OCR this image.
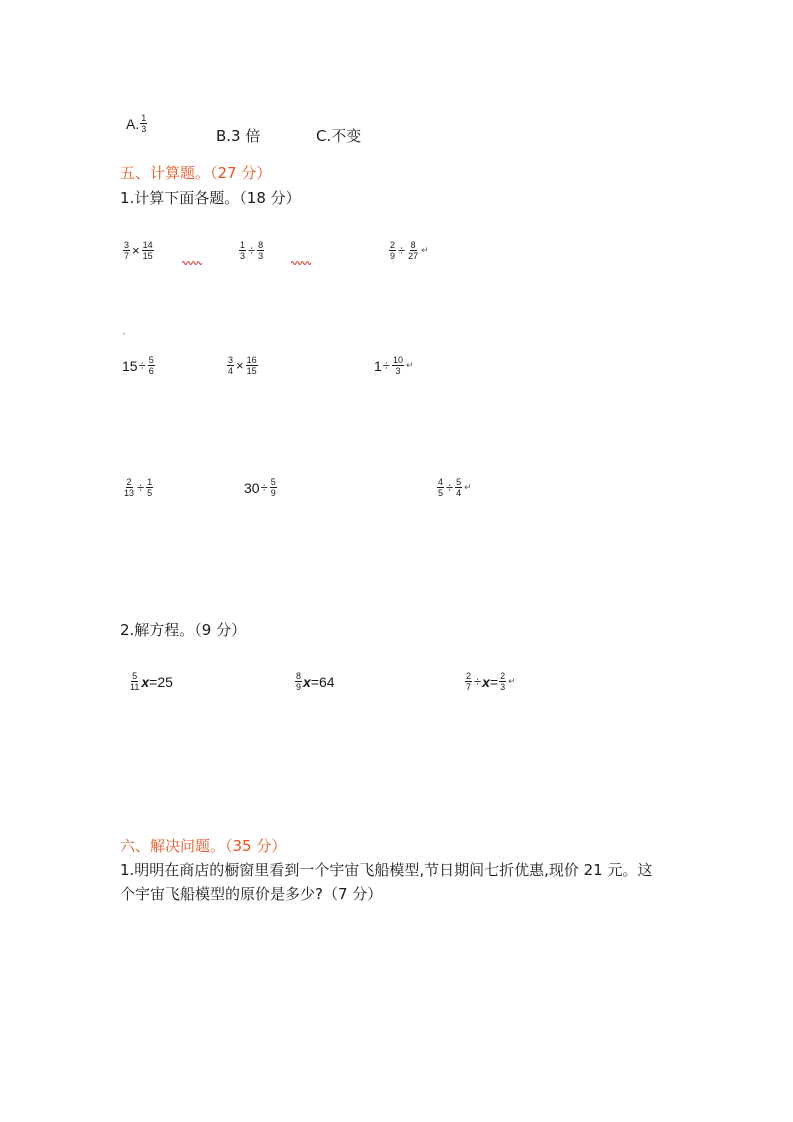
A. $\frac{1}{3}$
B.3 倍	C.不变
五、计算题。（27 分）
1.计算下面各题。（18 分）
$\frac{3}{7} \times \frac{14}{15}$	$\frac{1}{3} \div \frac{8}{3}$	$\frac{2}{9} \div \frac{8}{27}$ ↵
ˋ
$15 \div \frac{5}{6}$	$\frac{3}{4} \times \frac{16}{15}$	$1 \div \frac{10}{3}$ ↵
$\frac{2}{13} \div \frac{1}{5}$	$30 \div \frac{5}{9}$	$\frac{4}{5} \div \frac{5}{4}$ ↵
2.解方程。（9 分）
$\frac{5}{11}$ x =25	$\frac{8}{9}$ x =64	$\frac{2}{7} \div x = \frac{2}{3}$ ↵
六、解决问题。（35 分）
1.明明在商店的橱窗里看到一个宇宙飞船模型,节日期间七折优惠,现价 21 元。这
个宇宙飞船模型的原价是多少?（7 分）
